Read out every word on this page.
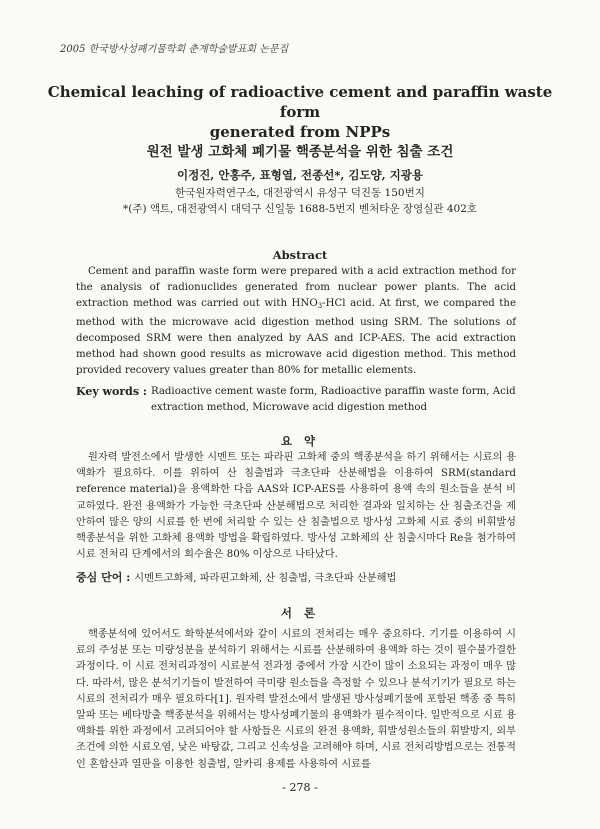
2005 한국방사성폐기물학회 춘계학술발표회 논문집
Chemical leaching of radioactive cement and paraffin waste form
generated from NPPs
원전 발생 고화체 폐기물 핵종분석을 위한 침출 조건
이정진, 안홍주, 표형열, 전종선*, 김도양, 지광용
한국원자력연구소, 대전광역시 유성구 덕진동 150번지
*(주) 액트, 대전광역시 대덕구 신일동 1688-5번지 벤처타운 장영실관 402호
Abstract
Cement and paraffin waste form were prepared with a acid extraction method for the analysis of radionuclides generated from nuclear power plants. The acid extraction method was carried out with $HNO_3$-HCl acid. At first, we compared the method with the microwave acid digestion method using SRM. The solutions of decomposed SRM were then analyzed by AAS and ICP-AES. The acid extraction method had shown good results as microwave acid digestion method. This method provided recovery values greater than 80% for metallic elements.
Key words : Radioactive cement waste form, Radioactive paraffin waste form, Acid extraction method, Microwave acid digestion method
요 약
원자력 발전소에서 발생한 시멘트 또는 파라핀 고화체 중의 핵종분석을 하기 위해서는 시료의 용액화가 필요하다. 이를 위하여 산 침출법과 극초단파 산분해법을 이용하여 SRM(standard reference material)을 용액화한 다음 AAS와 ICP-AES를 사용하여 용액 속의 원소들을 분석 비교하였다. 완전 용액화가 가능한 극초단파 산분해법으로 처리한 결과와 일치하는 산 침출조건을 제안하여 많은 양의 시료를 한 번에 처리할 수 있는 산 침출법으로 방사성 고화체 시료 중의 비휘발성핵종분석을 위한 고화체 용액화 방법을 확립하였다. 방사성 고화체의 산 침출시마다 Re을 첨가하여 시료 전처리 단계에서의 회수율은 80% 이상으로 나타났다.
중심 단어 : 시멘트고화체, 파라핀고화체, 산 침출법, 극초단파 산분해법
서 론
핵종분석에 있어서도 화학분석에서와 같이 시료의 전처리는 매우 중요하다. 기기를 이용하여 시료의 주성분 또는 미량성분을 분석하기 위해서는 시료를 산분해하여 용액화 하는 것이 필수불가결한 과정이다. 이 시료 전처리과정이 시료분석 전과정 중에서 가장 시간이 많이 소요되는 과정이 매우 많다. 따라서, 많은 분석기기들이 발전하여 극미량 원소들을 측정할 수 있으나 분석기기가 필요로 하는 시료의 전처리가 매우 필요하다[1]. 원자력 발전소에서 발생된 방사성폐기물에 포함된 핵종 중 특히 알파 또는 베타방출 핵종분석을 위해서는 방사성폐기물의 용액화가 필수적이다. 일반적으로 시료 용액화를 위한 과정에서 고려되어야 할 사항들은 시료의 완전 용액화, 휘발성원소들의 휘발방지, 외부조건에 의한 시료오염, 낮은 바탕값, 그리고 신속성을 고려해야 하며, 시료 전처리방법으로는 전통적인 혼합산과 열판을 이용한 침출법, 알카리 용제를 사용하여 시료를
- 278 -
